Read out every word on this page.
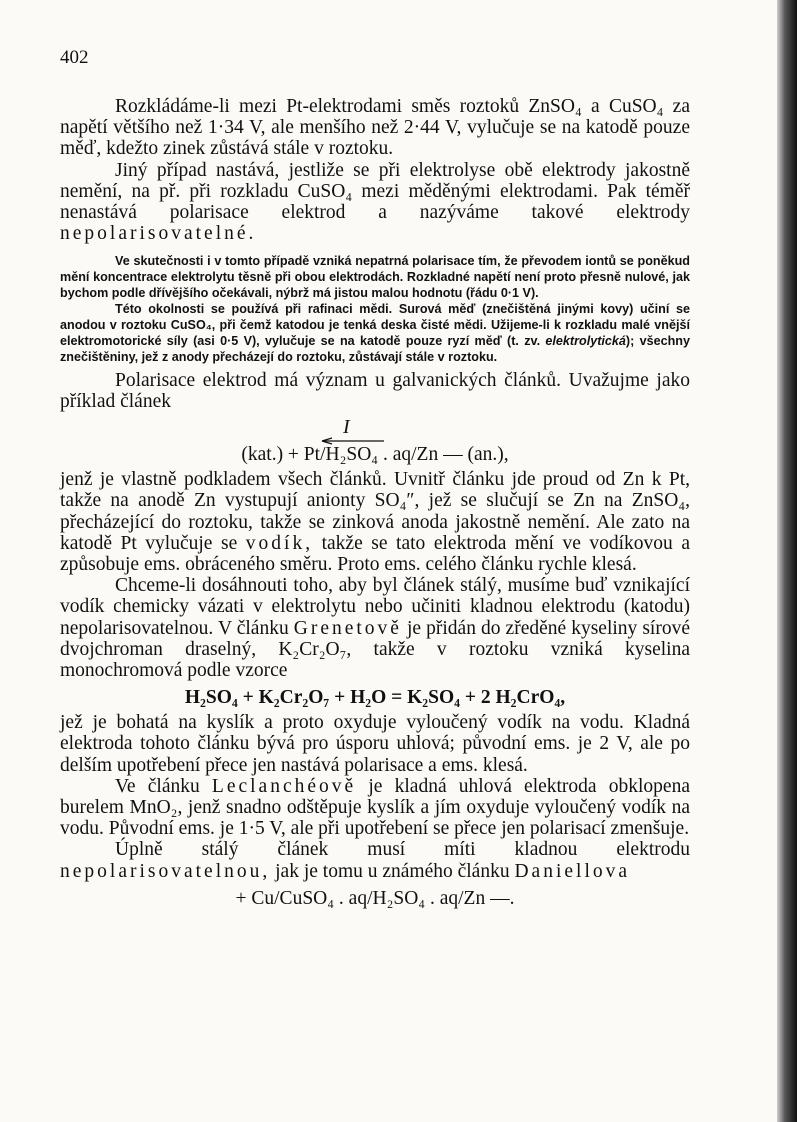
402

Rozkládáme-li mezi Pt-elektrodami směs roztoků ZnSO₄ a CuSO₄ za napětí většího než 1·34 V, ale menšího než 2·44 V, vylučuje se na katodě pouze měď, kdežto zinek zůstává stále v roztoku.

Jiný případ nastává, jestliže se při elektrolyse obě elektrody jakostně nemění, na př. při rozkladu CuSO₄ mezi měděnými elektrodami. Pak téměř nenastává polarisace elektrod a nazýváme takové elektrody nepolarisovatelné.

Ve skutečnosti i v tomto případě vzniká nepatrná polarisace tím, že převodem iontů se poněkud mění koncentrace elektrolytu těsně při obou elektrodách. Rozkladné napětí není proto přesně nulové, jak bychom podle dřívějšího očekávali, nýbrž má jistou malou hodnotu (řádu 0·1 V).

Této okolnosti se používá při rafinaci mědi. Surová měď (znečištěná jinými kovy) učiní se anodou v roztoku CuSO₄, při čemž katodou je tenká deska čisté mědi. Užijeme-li k rozkladu malé vnější elektromotorické síly (asi 0·5 V), vylučuje se na katodě pouze ryzí měď (t. zv. elektrolytická); všechny znečištěniny, jež z anody přecházejí do roztoku, zůstávají stále v roztoku.

Polarisace elektrod má význam u galvanických článků. Uvažujme jako příklad článek

I

(kat.) + Pt/H₂SO₄ . aq/Zn — (an.),

jenž je vlastně podkladem všech článků. Uvnitř článku jde proud od Zn k Pt, takže na anodě Zn vystupují anionty SO₄″, jež se slučují se Zn na ZnSO₄, přecházející do roztoku, takže se zinková anoda jakostně nemění. Ale zato na katodě Pt vylučuje se vodík, takže se tato elektroda mění ve vodíkovou a způsobuje ems. obráceného směru. Proto ems. celého článku rychle klesá.

Chceme-li dosáhnouti toho, aby byl článek stálý, musíme buď vznikající vodík chemicky vázati v elektrolytu nebo učiniti kladnou elektrodu (katodu) nepolarisovatelnou. V článku Grenetově je přidán do zředěné kyseliny sírové dvojchroman draselný, K₂Cr₂O₇, takže v roztoku vzniká kyselina monochromová podle vzorce

H₂SO₄ + K₂Cr₂O₇ + H₂O = K₂SO₄ + 2 H₂CrO₄,

jež je bohatá na kyslík a proto oxyduje vyloučený vodík na vodu. Kladná elektroda tohoto článku bývá pro úsporu uhlová; původní ems. je 2 V, ale po delším upotřebení přece jen nastává polarisace a ems. klesá.

Ve článku Leclanchéově je kladná uhlová elektroda obklopena burelem MnO₂, jenž snadno odštěpuje kyslík a jím oxyduje vyloučený vodík na vodu. Původní ems. je 1·5 V, ale při upotřebení se přece jen polarisací zmenšuje.

Úplně stálý článek musí míti kladnou elektrodu nepolarisovatelnou, jak je tomu u známého článku Daniellova

+ Cu/CuSO₄ . aq/H₂SO₄ . aq/Zn —.
